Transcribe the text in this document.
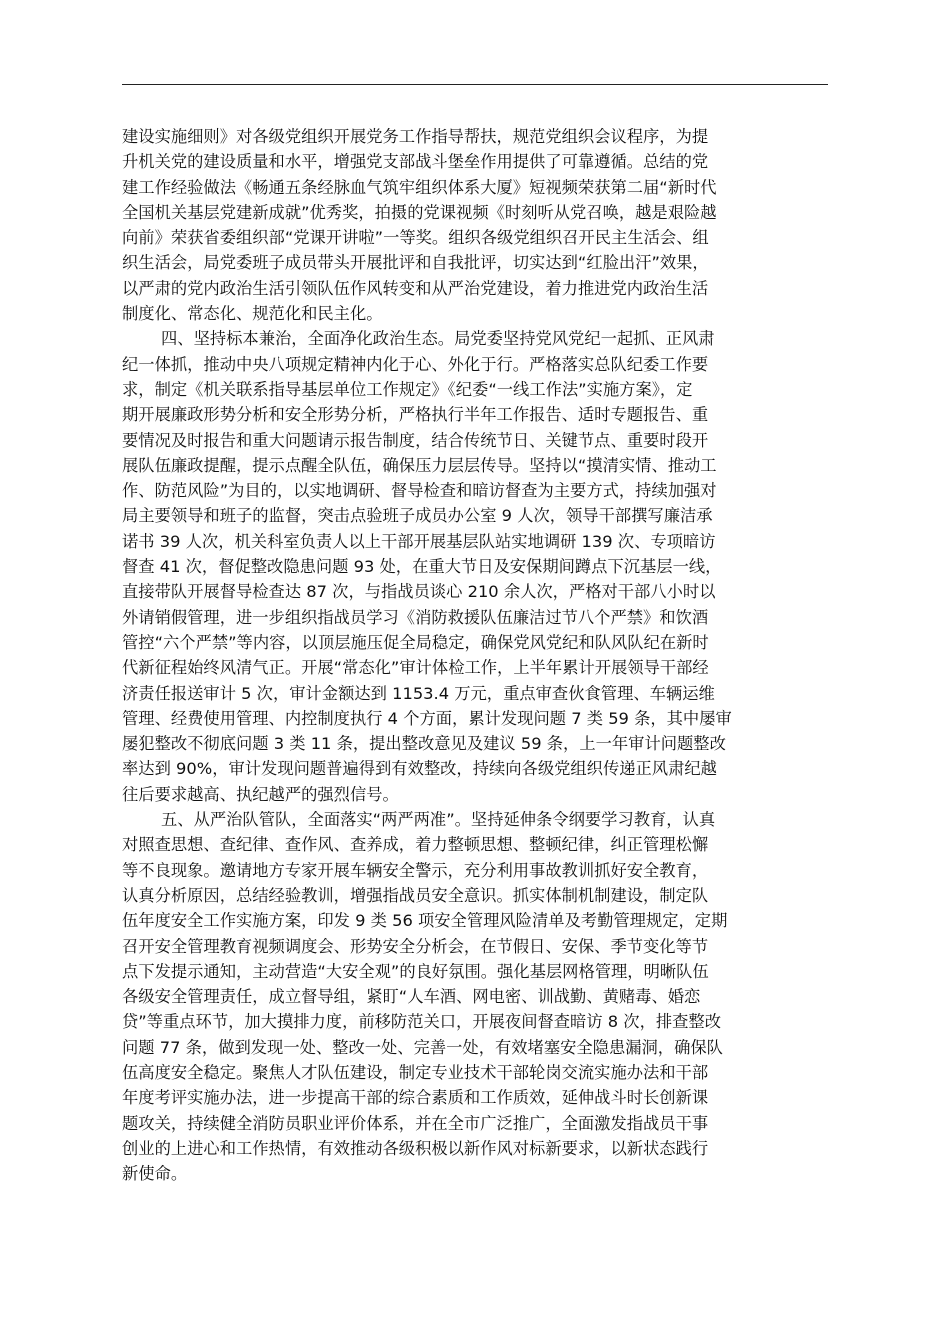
建设实施细则》对各级党组织开展党务工作指导帮扶，规范党组织会议程序，为提
升机关党的建设质量和水平，增强党支部战斗堡垒作用提供了可靠遵循。总结的党
建工作经验做法《畅通五条经脉血气筑牢组织体系大厦》短视频荣获第二届“新时代
全国机关基层党建新成就”优秀奖，拍摄的党课视频《时刻听从党召唤，越是艰险越
向前》荣获省委组织部“党课开讲啦”一等奖。组织各级党组织召开民主生活会、组
织生活会，局党委班子成员带头开展批评和自我批评，切实达到“红脸出汗”效果，
以严肃的党内政治生活引领队伍作风转变和从严治党建设，着力推进党内政治生活
制度化、常态化、规范化和民主化。
四、坚持标本兼治，全面净化政治生态。局党委坚持党风党纪一起抓、正风肃
纪一体抓，推动中央八项规定精神内化于心、外化于行。严格落实总队纪委工作要
求，制定《机关联系指导基层单位工作规定》《纪委“一线工作法”实施方案》，定
期开展廉政形势分析和安全形势分析，严格执行半年工作报告、适时专题报告、重
要情况及时报告和重大问题请示报告制度，结合传统节日、关键节点、重要时段开
展队伍廉政提醒，提示点醒全队伍，确保压力层层传导。坚持以“摸清实情、推动工
作、防范风险”为目的，以实地调研、督导检查和暗访督查为主要方式，持续加强对
局主要领导和班子的监督，突击点验班子成员办公室 9 人次，领导干部撰写廉洁承
诺书 39 人次，机关科室负责人以上干部开展基层队站实地调研 139 次、专项暗访
督查 41 次，督促整改隐患问题 93 处，在重大节日及安保期间蹲点下沉基层一线，
直接带队开展督导检查达 87 次，与指战员谈心 210 余人次，严格对干部八小时以
外请销假管理，进一步组织指战员学习《消防救援队伍廉洁过节八个严禁》和饮酒
管控“六个严禁”等内容，以顶层施压促全局稳定，确保党风党纪和队风队纪在新时
代新征程始终风清气正。开展“常态化”审计体检工作，上半年累计开展领导干部经
济责任报送审计 5 次，审计金额达到 1153.4 万元，重点审查伙食管理、车辆运维
管理、经费使用管理、内控制度执行 4 个方面，累计发现问题 7 类 59 条，其中屡审
屡犯整改不彻底问题 3 类 11 条，提出整改意见及建议 59 条，上一年审计问题整改
率达到 90%，审计发现问题普遍得到有效整改，持续向各级党组织传递正风肃纪越
往后要求越高、执纪越严的强烈信号。
五、从严治队管队，全面落实“两严两准”。坚持延伸条令纲要学习教育，认真
对照查思想、查纪律、查作风、查养成，着力整顿思想、整顿纪律，纠正管理松懈
等不良现象。邀请地方专家开展车辆安全警示，充分利用事故教训抓好安全教育，
认真分析原因，总结经验教训，增强指战员安全意识。抓实体制机制建设，制定队
伍年度安全工作实施方案，印发 9 类 56 项安全管理风险清单及考勤管理规定，定期
召开安全管理教育视频调度会、形势安全分析会，在节假日、安保、季节变化等节
点下发提示通知，主动营造“大安全观”的良好氛围。强化基层网格管理，明晰队伍
各级安全管理责任，成立督导组，紧盯“人车酒、网电密、训战勤、黄赌毒、婚恋
贷”等重点环节，加大摸排力度，前移防范关口，开展夜间督查暗访 8 次，排查整改
问题 77 条，做到发现一处、整改一处、完善一处，有效堵塞安全隐患漏洞，确保队
伍高度安全稳定。聚焦人才队伍建设，制定专业技术干部轮岗交流实施办法和干部
年度考评实施办法，进一步提高干部的综合素质和工作质效，延伸战斗时长创新课
题攻关，持续健全消防员职业评价体系，并在全市广泛推广，全面激发指战员干事
创业的上进心和工作热情，有效推动各级积极以新作风对标新要求，以新状态践行
新使命。
